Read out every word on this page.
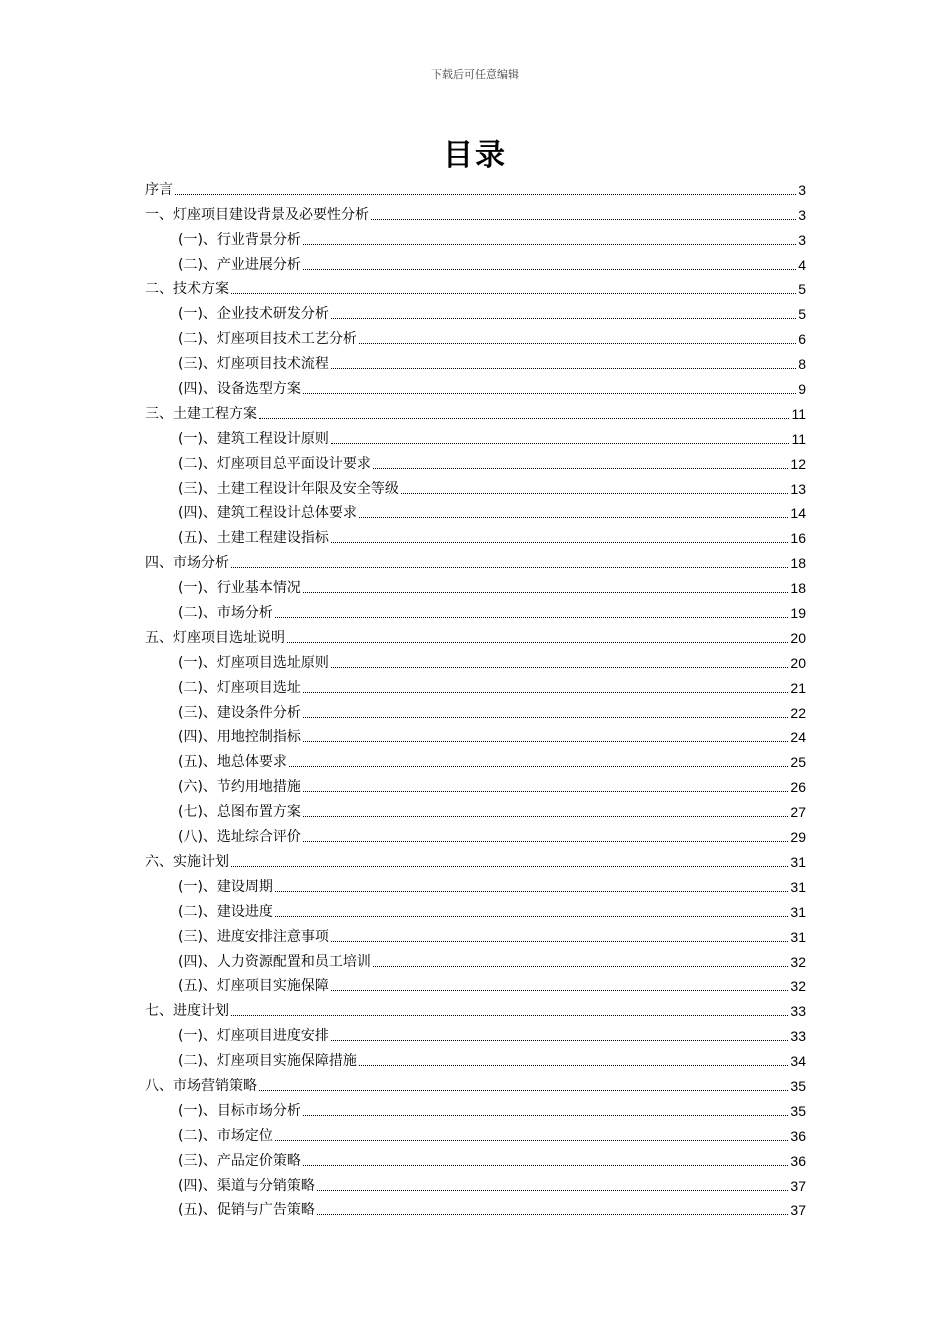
下载后可任意编辑
目录
序言	3
一、灯座项目建设背景及必要性分析	3
(一)、行业背景分析	3
(二)、产业进展分析	4
二、技术方案	5
(一)、企业技术研发分析	5
(二)、灯座项目技术工艺分析	6
(三)、灯座项目技术流程	8
(四)、设备选型方案	9
三、土建工程方案	11
(一)、建筑工程设计原则	11
(二)、灯座项目总平面设计要求	12
(三)、土建工程设计年限及安全等级	13
(四)、建筑工程设计总体要求	14
(五)、土建工程建设指标	16
四、市场分析	18
(一)、行业基本情况	18
(二)、市场分析	19
五、灯座项目选址说明	20
(一)、灯座项目选址原则	20
(二)、灯座项目选址	21
(三)、建设条件分析	22
(四)、用地控制指标	24
(五)、地总体要求	25
(六)、节约用地措施	26
(七)、总图布置方案	27
(八)、选址综合评价	29
六、实施计划	31
(一)、建设周期	31
(二)、建设进度	31
(三)、进度安排注意事项	31
(四)、人力资源配置和员工培训	32
(五)、灯座项目实施保障	32
七、进度计划	33
(一)、灯座项目进度安排	33
(二)、灯座项目实施保障措施	34
八、市场营销策略	35
(一)、目标市场分析	35
(二)、市场定位	36
(三)、产品定价策略	36
(四)、渠道与分销策略	37
(五)、促销与广告策略	37
